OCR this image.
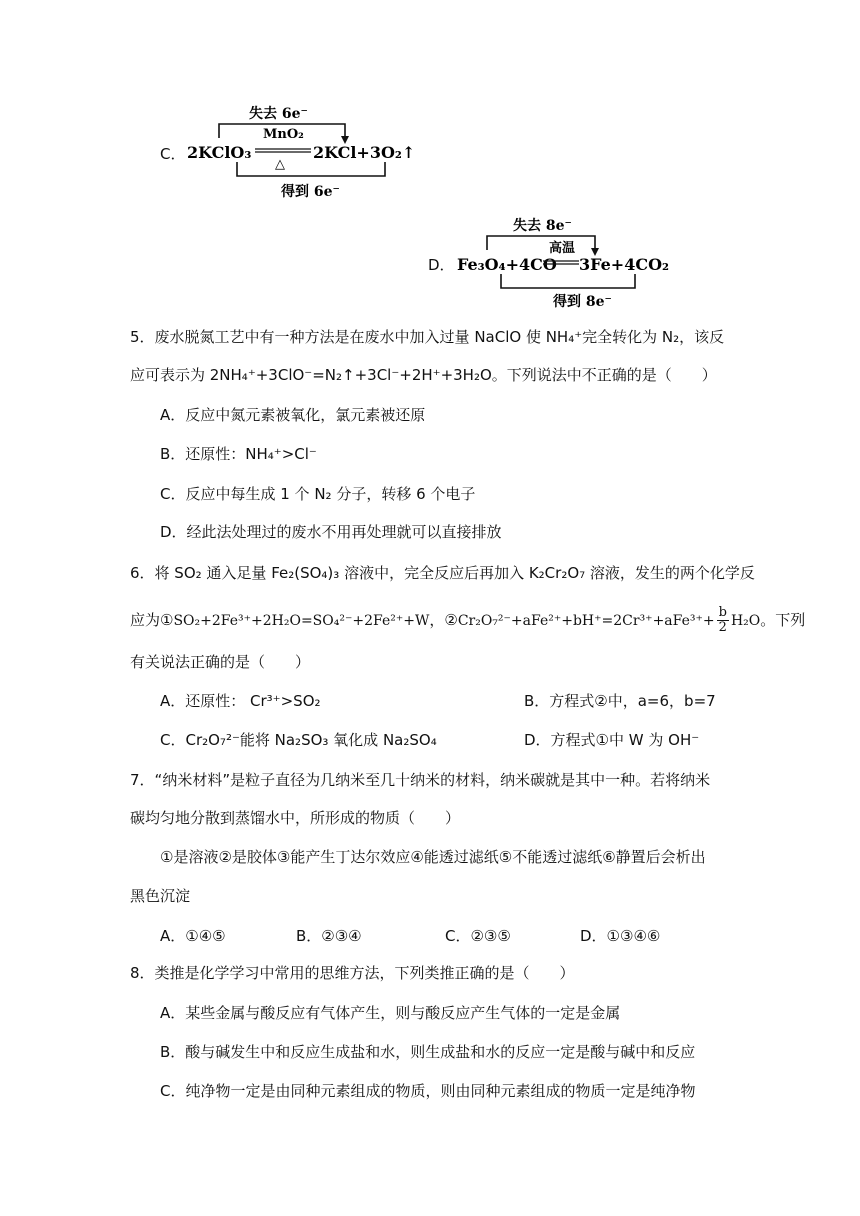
C．
失去 6e⁻
MnO₂
2KClO₃
△
2KCl+3O₂↑
得到 6e⁻
D．
失去 8e⁻
高温
Fe₃O₄+4CO 3Fe+4CO₂
得到 8e⁻
5．废水脱氮工艺中有一种方法是在废水中加入过量 NaClO 使 NH₄⁺完全转化为 N₂，该反
应可表示为 2NH₄⁺+3ClO⁻=N₂↑+3Cl⁻+2H⁺+3H₂O。下列说法中不正确的是（　　）
A．反应中氮元素被氧化，氯元素被还原
B．还原性：NH₄⁺>Cl⁻
C．反应中每生成 1 个 N₂ 分子，转移 6 个电子
D．经此法处理过的废水不用再处理就可以直接排放
6．将 SO₂ 通入足量 Fe₂(SO₄)₃ 溶液中，完全反应后再加入 K₂Cr₂O₇ 溶液，发生的两个化学反
应为①SO₂+2Fe³⁺+2H₂O=SO₄²⁻+2Fe²⁺+W，②Cr₂O₇²⁻+aFe²⁺+bH⁺=2Cr³⁺+aFe³⁺+ $\frac{b}{2} H_2O$。下列
有关说法正确的是（　　）
A．还原性： Cr³⁺>SO₂	B．方程式②中，a=6，b=7
C．Cr₂O₇²⁻能将 Na₂SO₃ 氧化成 Na₂SO₄	D．方程式①中 W 为 OH⁻
7．“纳米材料”是粒子直径为几纳米至几十纳米的材料，纳米碳就是其中一种。若将纳米
碳均匀地分散到蒸馏水中，所形成的物质（　　）
①是溶液②是胶体③能产生丁达尔效应④能透过滤纸⑤不能透过滤纸⑥静置后会析出
黑色沉淀
A．①④⑤	B．②③④	C．②③⑤	D．①③④⑥
8．类推是化学学习中常用的思维方法，下列类推正确的是（　　）
A．某些金属与酸反应有气体产生，则与酸反应产生气体的一定是金属
B．酸与碱发生中和反应生成盐和水，则生成盐和水的反应一定是酸与碱中和反应
C．纯净物一定是由同种元素组成的物质，则由同种元素组成的物质一定是纯净物
